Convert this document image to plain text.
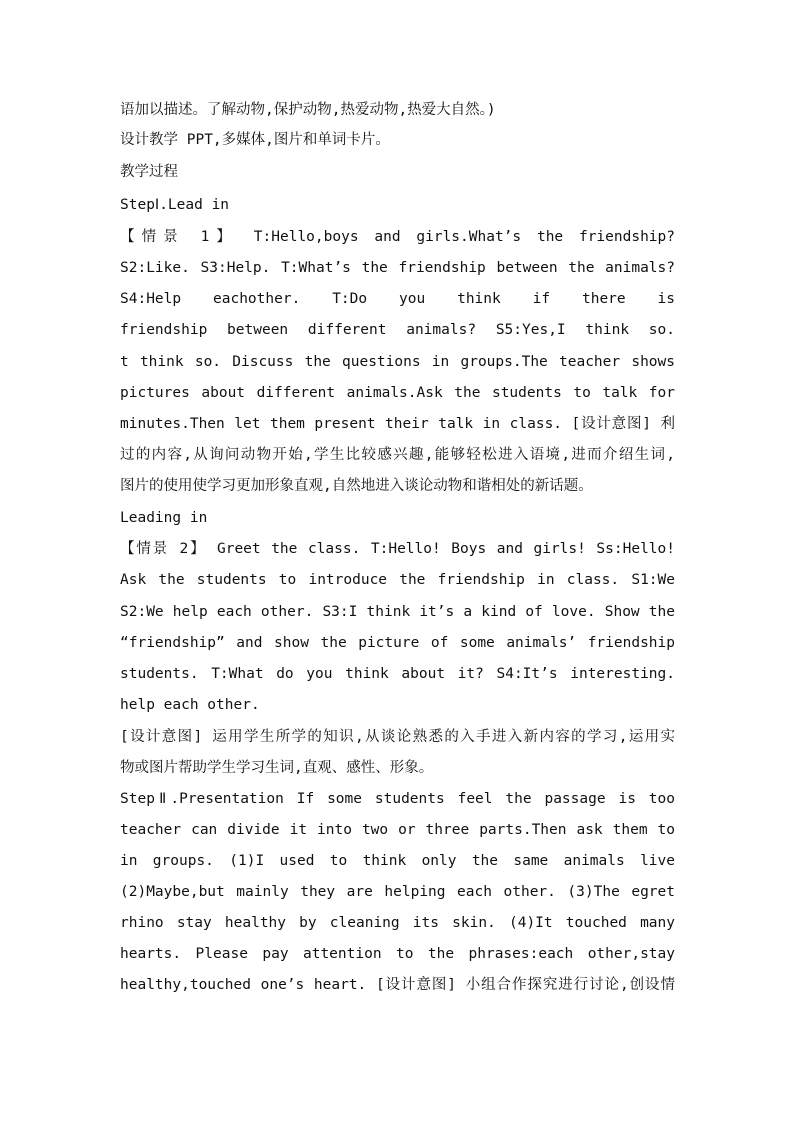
语加以描述。了解动物,保护动物,热爱动物,热爱大自然。)
设计教学 PPT,多媒体,图片和单词卡片。
教学过程
StepⅠ.Lead in
【情景 1】 T:Hello,boys and girls.What’s the friendship?
S2:Like. S3:Help. T:What’s the friendship between the animals?
S4:Help eachother. T:Do you think if there is
friendship between different animals? S5:Yes,I think so.
t think so. Discuss the questions in groups.The teacher shows
pictures about different animals.Ask the students to talk for
minutes.Then let them present their talk in class. [设计意图] 利
过的内容,从询问动物开始,学生比较感兴趣,能够轻松进入语境,进而介绍生词,
图片的使用使学习更加形象直观,自然地进入谈论动物和谐相处的新话题。
Leading in
【情景 2】 Greet the class. T:Hello! Boys and girls! Ss:Hello!
Ask the students to introduce the friendship in class. S1:We
S2:We help each other. S3:I think it’s a kind of love. Show the
“friendship” and show the picture of some animals’ friendship
students. T:What do you think about it? S4:It’s interesting.
help each other.
[设计意图] 运用学生所学的知识,从谈论熟悉的入手进入新内容的学习,运用实
物或图片帮助学生学习生词,直观、感性、形象。
StepⅡ.Presentation If some students feel the passage is too
teacher can divide it into two or three parts.Then ask them to
in groups. (1)I used to think only the same animals live
(2)Maybe,but mainly they are helping each other. (3)The egret
rhino stay healthy by cleaning its skin. (4)It touched many
hearts. Please pay attention to the phrases:each other,stay
healthy,touched one’s heart. [设计意图] 小组合作探究进行讨论,创设情
